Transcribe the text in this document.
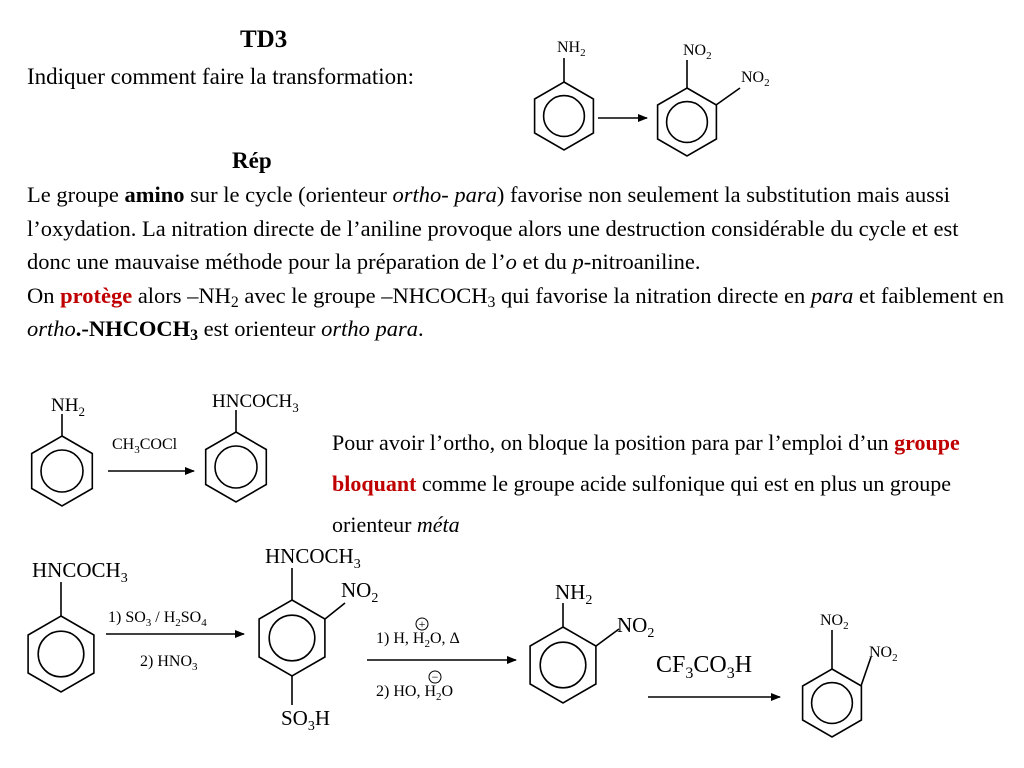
TD3
Indiquer comment faire la transformation:
Rép
Le groupe amino sur le cycle (orienteur ortho- para) favorise non seulement la substitution mais aussi l’oxydation. La nitration directe de l’aniline provoque alors une destruction considérable du cycle et est donc une mauvaise méthode pour la préparation de l’o et du p-nitroaniline.
On protège alors $-NH_2$ avec le groupe $-NHCOCH_3$ qui favorise la nitration directe en para et faiblement en $ortho.-NHCOCH_3$ est orienteur ortho para.
Pour avoir l’ortho, on bloque la position para par l’emploi d’un groupe bloquant comme le groupe acide sulfonique qui est en plus un groupe orienteur méta
$NH_2$	$NO_2$
$NO_2$
$NH_2$
$CH_3COCl$
$HNCOCH_3$
$HNCOCH_3$
1) $SO_3 / H_2SO_4$
2) $HNO_3$
$HNCOCH_3$
$NO_2$
$SO_3H$
1) H, $H_2O$, Δ
+
2) HO, $H_2O$
−
$NH_2$
$NO_2$
$CF_3CO_3H$
$NO_2$
$NO_2$
